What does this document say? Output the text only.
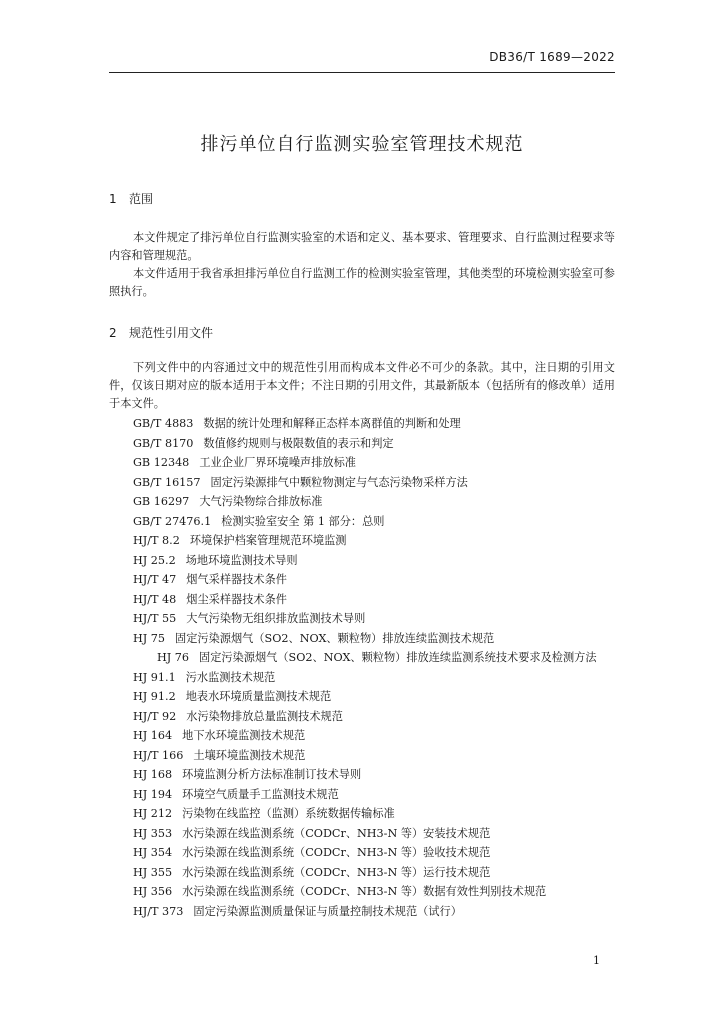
DB36/T 1689—2022
排污单位自行监测实验室管理技术规范
1 范围

本文件规定了排污单位自行监测实验室的术语和定义、基本要求、管理要求、自行监测过程要求等内容和管理规范。

本文件适用于我省承担排污单位自行监测工作的检测实验室管理，其他类型的环境检测实验室可参照执行。

2 规范性引用文件

下列文件中的内容通过文中的规范性引用而构成本文件必不可少的条款。其中，注日期的引用文件，仅该日期对应的版本适用于本文件；不注日期的引用文件，其最新版本（包括所有的修改单）适用于本文件。

GB/T 4883 数据的统计处理和解释正态样本离群值的判断和处理
GB/T 8170 数值修约规则与极限数值的表示和判定
GB 12348 工业企业厂界环境噪声排放标准
GB/T 16157 固定污染源排气中颗粒物测定与气态污染物采样方法
GB 16297 大气污染物综合排放标准
GB/T 27476.1 检测实验室安全 第 1 部分：总则
HJ/T 8.2 环境保护档案管理规范环境监测
HJ 25.2 场地环境监测技术导则
HJ/T 47 烟气采样器技术条件
HJ/T 48 烟尘采样器技术条件
HJ/T 55 大气污染物无组织排放监测技术导则
HJ 75 固定污染源烟气（SO2、NOX、颗粒物）排放连续监测技术规范
HJ 76 固定污染源烟气（SO2、NOX、颗粒物）排放连续监测系统技术要求及检测方法
HJ 91.1 污水监测技术规范
HJ 91.2 地表水环境质量监测技术规范
HJ/T 92 水污染物排放总量监测技术规范
HJ 164 地下水环境监测技术规范
HJ/T 166 土壤环境监测技术规范
HJ 168 环境监测分析方法标准制订技术导则
HJ 194 环境空气质量手工监测技术规范
HJ 212 污染物在线监控（监测）系统数据传输标准
HJ 353 水污染源在线监测系统（CODCr、NH3-N 等）安装技术规范
HJ 354 水污染源在线监测系统（CODCr、NH3-N 等）验收技术规范
HJ 355 水污染源在线监测系统（CODCr、NH3-N 等）运行技术规范
HJ 356 水污染源在线监测系统（CODCr、NH3-N 等）数据有效性判别技术规范
HJ/T 373 固定污染源监测质量保证与质量控制技术规范（试行）
1
